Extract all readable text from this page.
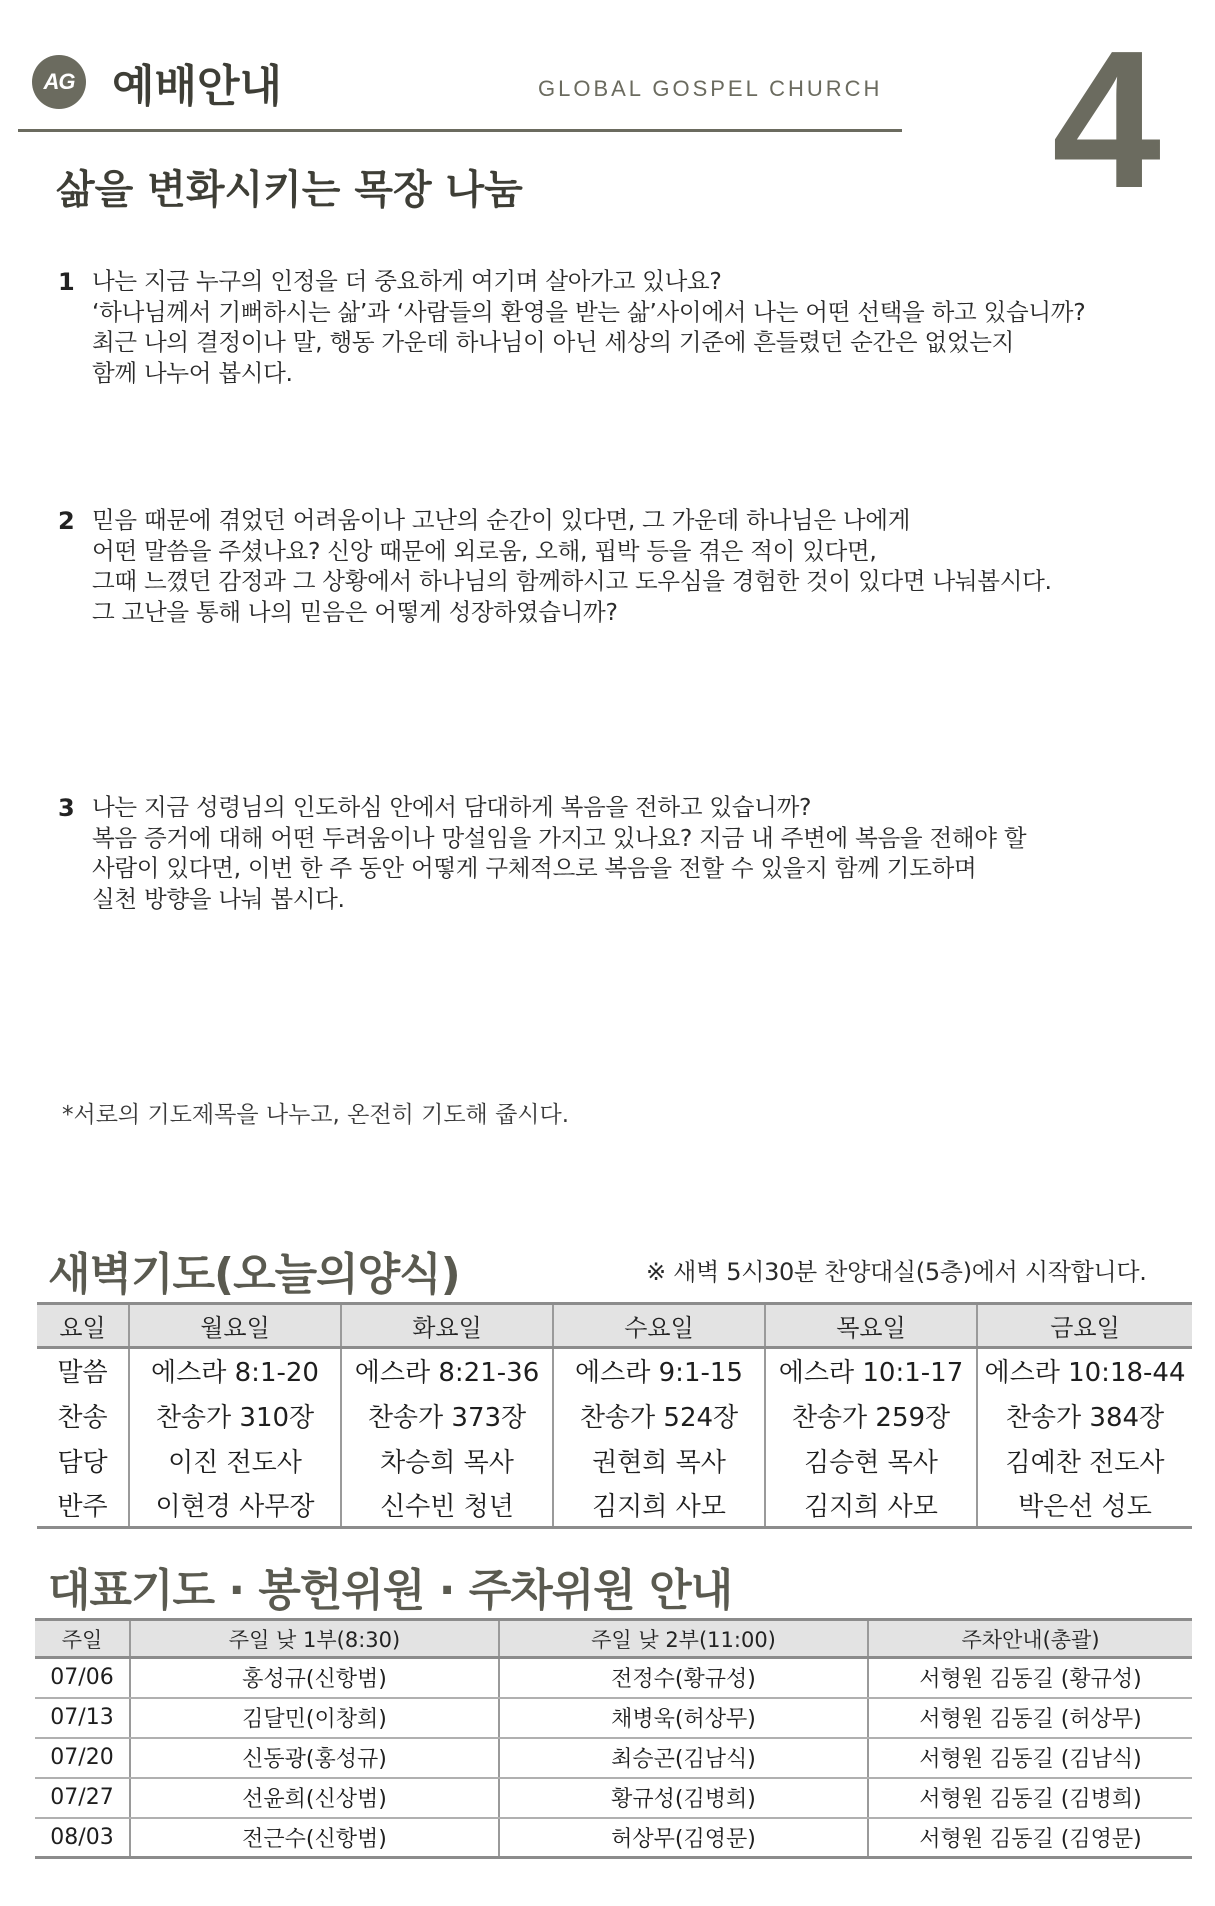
AG 예배안내	GLOBAL GOSPEL CHURCH 4
삶을 변화시키는 목장 나눔
1 나는 지금 누구의 인정을 더 중요하게 여기며 살아가고 있나요?
‘하나님께서 기뻐하시는 삶’과 ‘사람들의 환영을 받는 삶’사이에서 나는 어떤 선택을 하고 있습니까?
최근 나의 결정이나 말, 행동 가운데 하나님이 아닌 세상의 기준에 흔들렸던 순간은 없었는지
함께 나누어 봅시다.
2 믿음 때문에 겪었던 어려움이나 고난의 순간이 있다면, 그 가운데 하나님은 나에게
어떤 말씀을 주셨나요? 신앙 때문에 외로움, 오해, 핍박 등을 겪은 적이 있다면,
그때 느꼈던 감정과 그 상황에서 하나님의 함께하시고 도우심을 경험한 것이 있다면 나눠봅시다.
그 고난을 통해 나의 믿음은 어떻게 성장하였습니까?
3 나는 지금 성령님의 인도하심 안에서 담대하게 복음을 전하고 있습니까?
복음 증거에 대해 어떤 두려움이나 망설임을 가지고 있나요? 지금 내 주변에 복음을 전해야 할
사람이 있다면, 이번 한 주 동안 어떻게 구체적으로 복음을 전할 수 있을지 함께 기도하며
실천 방향을 나눠 봅시다.
*서로의 기도제목을 나누고, 온전히 기도해 줍시다.
새벽기도(오늘의양식)	※ 새벽 5시30분 찬양대실(5층)에서 시작합니다.
요일	월요일	화요일	수요일	목요일	금요일
말씀	에스라 8:1-20	에스라 8:21-36	에스라 9:1-15	에스라 10:1-17	에스라 10:18-44
찬송	찬송가 310장	찬송가 373장	찬송가 524장	찬송가 259장	찬송가 384장
담당	이진 전도사	차승희 목사	권현희 목사	김승현 목사	김예찬 전도사
반주	이현경 사무장	신수빈 청년	김지희 사모	김지희 사모	박은선 성도
대표기도 · 봉헌위원 · 주차위원 안내
주일	주일 낮 1부(8:30)	주일 낮 2부(11:00)	주차안내(총괄)
07/06	홍성규(신항범)	전정수(황규성)	서형원 김동길 (황규성)
07/13	김달민(이창희)	채병욱(허상무)	서형원 김동길 (허상무)
07/20	신동광(홍성규)	최승곤(김남식)	서형원 김동길 (김남식)
07/27	선윤희(신상범)	황규성(김병희)	서형원 김동길 (김병희)
08/03	전근수(신항범)	허상무(김영문)	서형원 김동길 (김영문)
